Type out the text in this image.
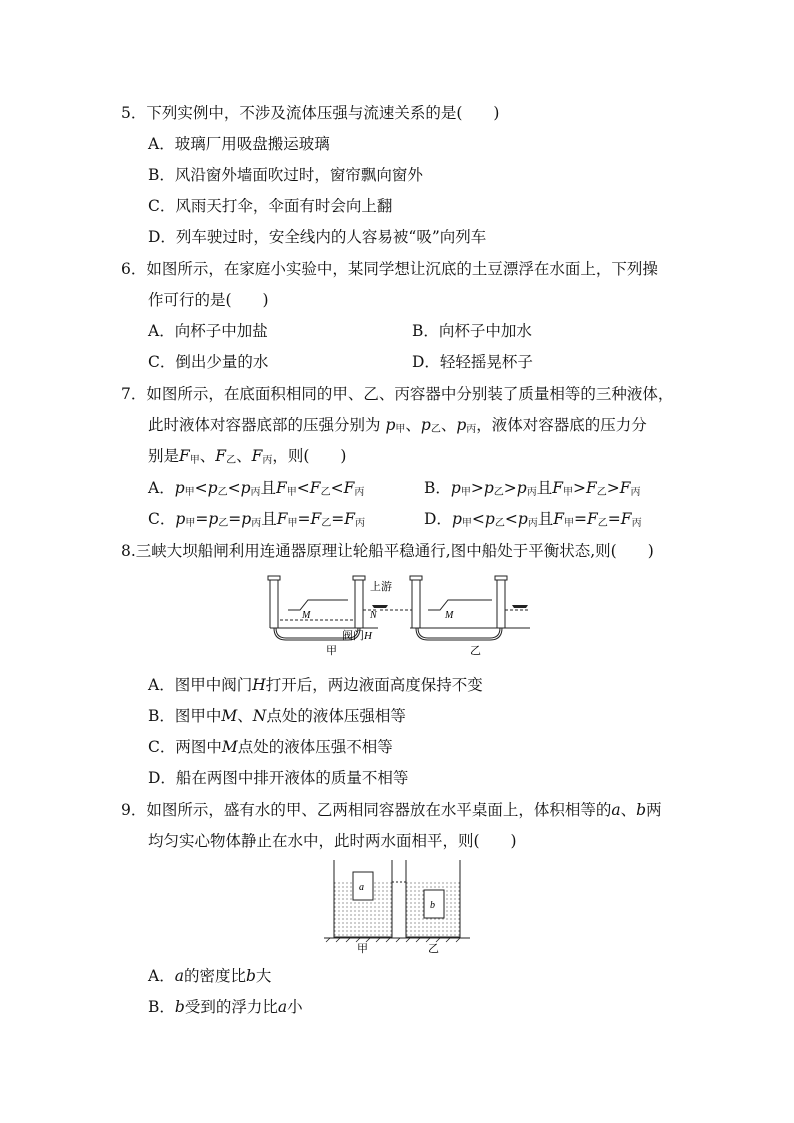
5．下列实例中，不涉及流体压强与流速关系的是(　　)
A．玻璃厂用吸盘搬运玻璃
B．风沿窗外墙面吹过时，窗帘飘向窗外
C．风雨天打伞，伞面有时会向上翻
D．列车驶过时，安全线内的人容易被“吸”向列车
6．如图所示，在家庭小实验中，某同学想让沉底的土豆漂浮在水面上，下列操
作可行的是(　　)
A．向杯子中加盐	B．向杯子中加水
C．倒出少量的水	D．轻轻摇晃杯子
7．如图所示，在底面积相同的甲、乙、丙容器中分别装了质量相等的三种液体，
此时液体对容器底部的压强分别为 $p_甲$、$p_乙$、$p_丙$，液体对容器底的压力分
别是$F_甲$、$F_乙$、$F_丙$，则(　　)
A．$p_甲<p_乙<p_丙$且$F_甲<F_乙<F_丙$	B．$p_甲>p_乙>p_丙$且$F_甲>F_乙>F_丙$
C．$p_甲=p_乙=p_丙$且$F_甲=F_乙=F_丙$	D．$p_甲<p_乙<p_丙$且$F_甲=F_乙=F_丙$
8.三峡大坝船闸利用连通器原理让轮船平稳通行,图中船处于平衡状态,则(　　)
上游
M	N	M
阀门H
甲	乙
A．图甲中阀门H打开后，两边液面高度保持不变
B．图甲中M、N点处的液体压强相等
C．两图中M点处的液体压强不相等
D．船在两图中排开液体的质量不相等
9．如图所示，盛有水的甲、乙两相同容器放在水平桌面上，体积相等的a、b两
均匀实心物体静止在水中，此时两水面相平，则(　　)
a
b
甲	乙
A．a的密度比b大
B．b受到的浮力比a小
